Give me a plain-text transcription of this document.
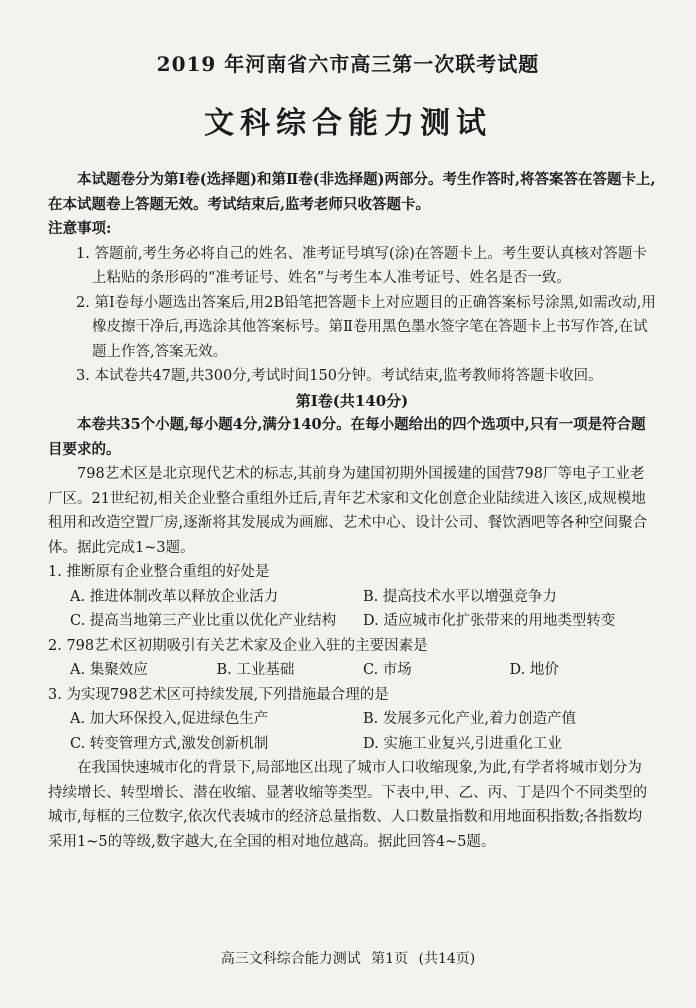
2019 年河南省六市高三第一次联考试题
文科综合能力测试

本试题卷分为第Ⅰ卷(选择题)和第Ⅱ卷(非选择题)两部分。考生作答时,将答案答在答题卡上,在本试题卷上答题无效。考试结束后,监考老师只收答题卡。

注意事项:

1. 答题前,考生务必将自己的姓名、准考证号填写(涂)在答题卡上。考生要认真核对答题卡上粘贴的条形码的“准考证号、姓名”与考生本人准考证号、姓名是否一致。

2. 第Ⅰ卷每小题选出答案后,用2B铅笔把答题卡上对应题目的正确答案标号涂黑,如需改动,用橡皮擦干净后,再选涂其他答案标号。第Ⅱ卷用黑色墨水签字笔在答题卡上书写作答,在试题上作答,答案无效。

3. 本试卷共47题,共300分,考试时间150分钟。考试结束,监考教师将答题卡收回。

第Ⅰ卷(共140分)

本卷共35个小题,每小题4分,满分140分。在每小题给出的四个选项中,只有一项是符合题目要求的。

798艺术区是北京现代艺术的标志,其前身为建国初期外国援建的国营798厂等电子工业老厂区。21世纪初,相关企业整合重组外迁后,青年艺术家和文化创意企业陆续进入该区,成规模地租用和改造空置厂房,逐渐将其发展成为画廊、艺术中心、设计公司、餐饮酒吧等各种空间聚合体。据此完成1~3题。

1. 推断原有企业整合重组的好处是

A. 推进体制改革以释放企业活力	B. 提高技术水平以增强竞争力
C. 提高当地第三产业比重以优化产业结构	D. 适应城市化扩张带来的用地类型转变

2. 798艺术区初期吸引有关艺术家及企业入驻的主要因素是

A. 集聚效应	B. 工业基础	C. 市场	D. 地价

3. 为实现798艺术区可持续发展,下列措施最合理的是

A. 加大环保投入,促进绿色生产	B. 发展多元化产业,着力创造产值
C. 转变管理方式,激发创新机制	D. 实施工业复兴,引进重化工业

在我国快速城市化的背景下,局部地区出现了城市人口收缩现象,为此,有学者将城市划分为持续增长、转型增长、潜在收缩、显著收缩等类型。下表中,甲、乙、丙、丁是四个不同类型的城市,每框的三位数字,依次代表城市的经济总量指数、人口数量指数和用地面积指数;各指数均采用1~5的等级,数字越大,在全国的相对地位越高。据此回答4~5题。

高三文科综合能力测试 第1页 (共14页)
